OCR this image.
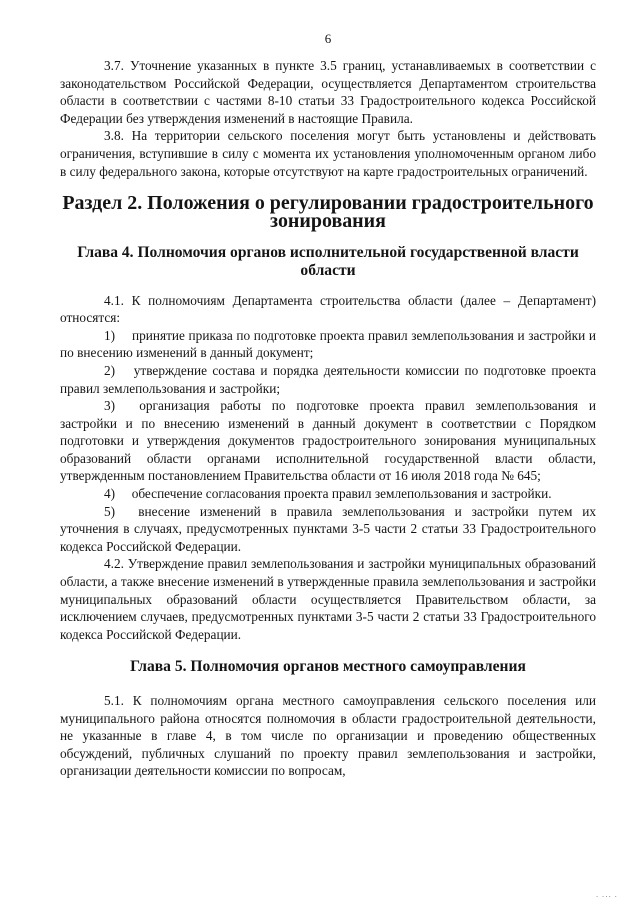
6

3.7. Уточнение указанных в пункте 3.5 границ, устанавливаемых в соответствии с законодательством Российской Федерации, осуществляется Департаментом строительства области в соответствии с частями 8-10 статьи 33 Градостроительного кодекса Российской Федерации без утверждения изменений в настоящие Правила.

3.8. На территории сельского поселения могут быть установлены и действовать ограничения, вступившие в силу с момента их установления уполномоченным органом либо в силу федерального закона, которые отсутствуют на карте градостроительных ограничений.

Раздел 2. Положения о регулировании градостроительного зонирования
Глава 4. Полномочия органов исполнительной государственной власти области

4.1. К полномочиям Департамента строительства области (далее – Департамент) относятся:

1)  принятие приказа по подготовке проекта правил землепользования и застройки и по внесению изменений в данный документ;

2)  утверждение состава и порядка деятельности комиссии по подготовке проекта правил землепользования и застройки;

3)  организация работы по подготовке проекта правил землепользования и застройки и по внесению изменений в данный документ в соответствии с Порядком подготовки и утверждения документов градостроительного зонирования муниципальных образований области органами исполнительной государственной власти области, утвержденным постановлением Правительства области от 16 июля 2018 года № 645;

4)  обеспечение согласования проекта правил землепользования и застройки.

5)  внесение изменений в правила землепользования и застройки путем их уточнения в случаях, предусмотренных пунктами 3-5 части 2 статьи 33 Градостроительного кодекса Российской Федерации.

4.2. Утверждение правил землепользования и застройки муниципальных образований области, а также внесение изменений в утвержденные правила землепользования и застройки муниципальных образований области осуществляется Правительством области, за исключением случаев, предусмотренных пунктами 3-5 части 2 статьи 33 Градостроительного кодекса Российской Федерации.

Глава 5. Полномочия органов местного самоуправления

5.1. К полномочиям органа местного самоуправления сельского поселения или муниципального района относятся полномочия в области градостроительной деятельности, не указанные в главе 4, в том числе по организации и проведению общественных обсуждений, публичных слушаний по проекту правил землепользования и застройки, организации деятельности комиссии по вопросам,

· ··· ·
